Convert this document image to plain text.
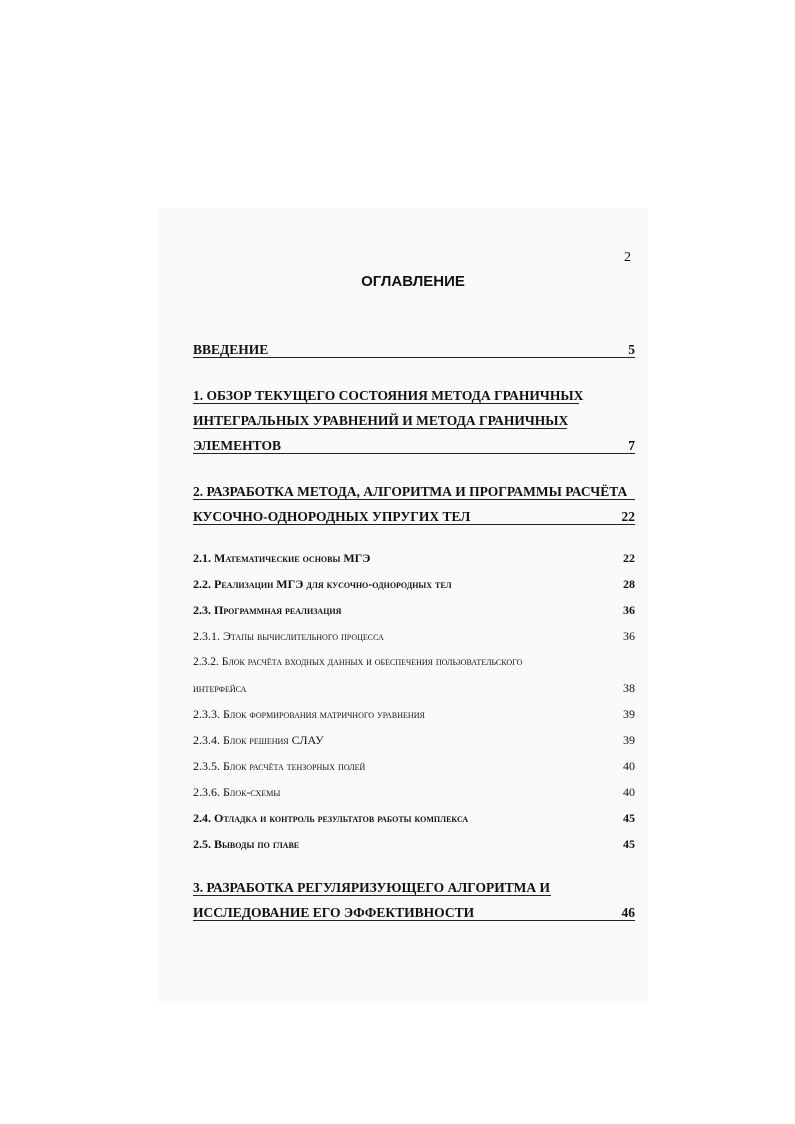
2
ОГЛАВЛЕНИЕ
ВВЕДЕНИЕ	5
1. ОБЗОР ТЕКУЩЕГО СОСТОЯНИЯ МЕТОДА ГРАНИЧНЫХ
ИНТЕГРАЛЬНЫХ УРАВНЕНИЙ И МЕТОДА ГРАНИЧНЫХ
ЭЛЕМЕНТОВ	7
2. РАЗРАБОТКА МЕТОДА, АЛГОРИТМА И ПРОГРАММЫ РАСЧЁТА
КУСОЧНО-ОДНОРОДНЫХ УПРУГИХ ТЕЛ	22
2.1. Математические основы МГЭ	22
2.2. Реализации МГЭ для кусочно-однородных тел	28
2.3. Программная реализация	36
2.3.1. Этапы вычислительного процесса	36
2.3.2. Блок расчёта входных данных и обеспечения пользовательского
интерфейса	38
2.3.3. Блок формирования матричного уравнения	39
2.3.4. Блок решения СЛАУ	39
2.3.5. Блок расчёта тензорных полей	40
2.3.6. Блок-схемы	40
2.4. Отладка и контроль результатов работы комплекса	45
2.5. Выводы по главе	45
3. РАЗРАБОТКА РЕГУЛЯРИЗУЮЩЕГО АЛГОРИТМА И
ИССЛЕДОВАНИЕ ЕГО ЭФФЕКТИВНОСТИ	46
